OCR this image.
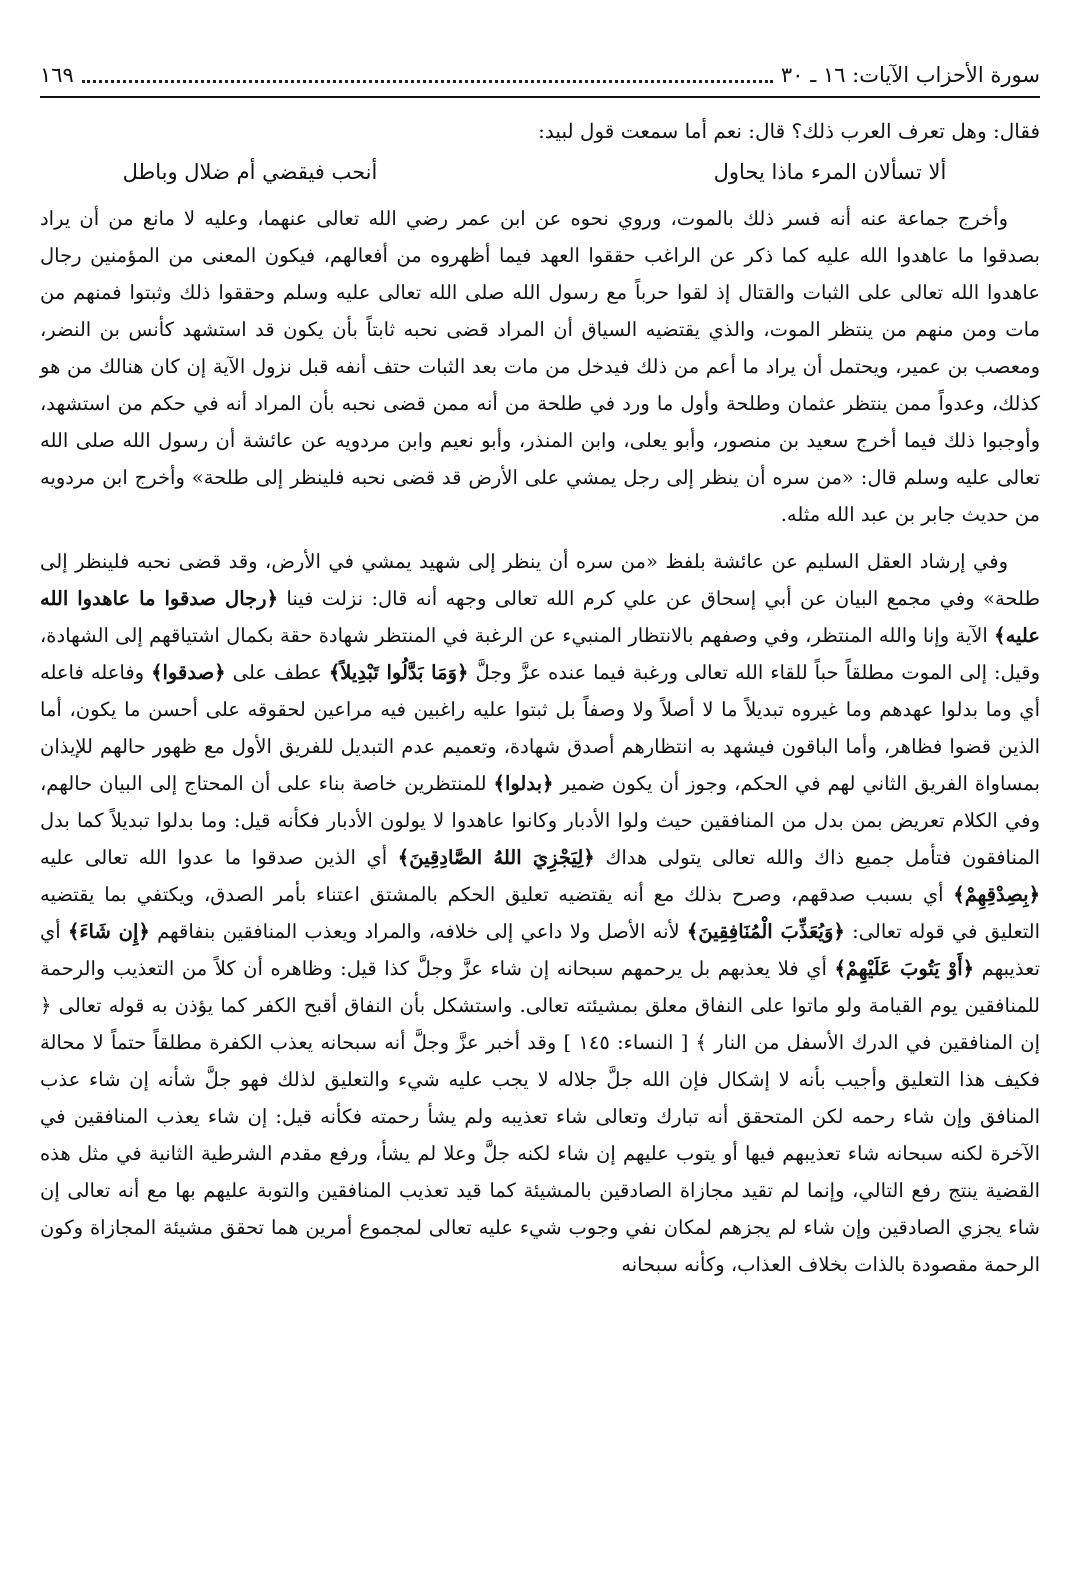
سورة الأحزاب الآيات: ١٦ ـ ٣٠
١٦٩

فقال: وهل تعرف العرب ذلك؟ قال: نعم أما سمعت قول لبيد:

ألا تسألان المرء ماذا يحاول
أنحب فيقضي أم ضلال وباطل

وأخرج جماعة عنه أنه فسر ذلك بالموت، وروي نحوه عن ابن عمر رضي الله تعالى عنهما، وعليه لا مانع من أن يراد بصدقوا ما عاهدوا الله عليه كما ذكر عن الراغب حققوا العهد فيما أظهروه من أفعالهم، فيكون المعنى من المؤمنين رجال عاهدوا الله تعالى على الثبات والقتال إذ لقوا حرباً مع رسول الله صلى الله تعالى عليه وسلم وحققوا ذلك وثبتوا فمنهم من مات ومن منهم من ينتظر الموت، والذي يقتضيه السياق أن المراد قضى نحبه ثابتاً بأن يكون قد استشهد كأنس بن النضر، ومعصب بن عمير، ويحتمل أن يراد ما أعم من ذلك فيدخل من مات بعد الثبات حتف أنفه قبل نزول الآية إن كان هنالك من هو كذلك، وعدواً ممن ينتظر عثمان وطلحة وأول ما ورد في طلحة من أنه ممن قضى نحبه بأن المراد أنه في حكم من استشهد، وأوجبوا ذلك فيما أخرج سعيد بن منصور، وأبو يعلى، وابن المنذر، وأبو نعيم وابن مردويه عن عائشة أن رسول الله صلى الله تعالى عليه وسلم قال: «من سره أن ينظر إلى رجل يمشي على الأرض قد قضى نحبه فلينظر إلى طلحة» وأخرج ابن مردويه من حديث جابر بن عبد الله مثله.

وفي إرشاد العقل السليم عن عائشة بلفظ «من سره أن ينظر إلى شهيد يمشي في الأرض، وقد قضى نحبه فلينظر إلى طلحة» وفي مجمع البيان عن أبي إسحاق عن علي كرم الله تعالى وجهه أنه قال: نزلت فينا ﴿رجال صدقوا ما عاهدوا الله عليه﴾ الآية وإنا والله المنتظر، وفي وصفهم بالانتظار المنبيء عن الرغبة في المنتظر شهادة حقة بكمال اشتياقهم إلى الشهادة، وقيل: إلى الموت مطلقاً حباً للقاء الله تعالى ورغبة فيما عنده عزَّ وجلَّ ﴿وَمَا بَدَّلُوا تَبْدِيلاً﴾ عطف على ﴿صدقوا﴾ وفاعله فاعله أي وما بدلوا عهدهم وما غيروه تبديلاً ما لا أصلاً ولا وصفاً بل ثبتوا عليه راغبين فيه مراعين لحقوقه على أحسن ما يكون، أما الذين قضوا فظاهر، وأما الباقون فيشهد به انتظارهم أصدق شهادة، وتعميم عدم التبديل للفريق الأول مع ظهور حالهم للإيذان بمساواة الفريق الثاني لهم في الحكم، وجوز أن يكون ضمير ﴿بدلوا﴾ للمنتظرين خاصة بناء على أن المحتاج إلى البيان حالهم، وفي الكلام تعريض بمن بدل من المنافقين حيث ولوا الأدبار وكانوا عاهدوا لا يولون الأدبار فكأنه قيل: وما بدلوا تبديلاً كما بدل المنافقون فتأمل جميع ذاك والله تعالى يتولى هداك ﴿لِيَجْزِيَ اللهُ الصَّادِقِينَ﴾ أي الذين صدقوا ما عدوا الله تعالى عليه ﴿بِصِدْقِهِمْ﴾ أي بسبب صدقهم، وصرح بذلك مع أنه يقتضيه تعليق الحكم بالمشتق اعتناء بأمر الصدق، ويكتفي بما يقتضيه التعليق في قوله تعالى: ﴿وَيُعَذِّبَ الْمُنَافِقِينَ﴾ لأنه الأصل ولا داعي إلى خلافه، والمراد ويعذب المنافقين بنفاقهم ﴿إِن شَاءَ﴾ أي تعذيبهم ﴿أَوْ يَتُوبَ عَلَيْهِمْ﴾ أي فلا يعذبهم بل يرحمهم سبحانه إن شاء عزَّ وجلَّ كذا قيل: وظاهره أن كلاً من التعذيب والرحمة للمنافقين يوم القيامة ولو ماتوا على النفاق معلق بمشيئته تعالى. واستشكل بأن النفاق أقبح الكفر كما يؤذن به قوله تعالى ﴿ إن المنافقين في الدرك الأسفل من النار ﴾ [ النساء: ١٤٥ ] وقد أخبر عزَّ وجلَّ أنه سبحانه يعذب الكفرة مطلقاً حتماً لا محالة فكيف هذا التعليق وأجيب بأنه لا إشكال فإن الله جلَّ جلاله لا يجب عليه شيء والتعليق لذلك فهو جلَّ شأنه إن شاء عذب المنافق وإن شاء رحمه لكن المتحقق أنه تبارك وتعالى شاء تعذيبه ولم يشأ رحمته فكأنه قيل: إن شاء يعذب المنافقين في الآخرة لكنه سبحانه شاء تعذيبهم فيها أو يتوب عليهم إن شاء لكنه جلَّ وعلا لم يشأ، ورفع مقدم الشرطية الثانية في مثل هذه القضية ينتج رفع التالي، وإنما لم تقيد مجازاة الصادقين بالمشيئة كما قيد تعذيب المنافقين والتوبة عليهم بها مع أنه تعالى إن شاء يجزي الصادقين وإن شاء لم يجزهم لمكان نفي وجوب شيء عليه تعالى لمجموع أمرين هما تحقق مشيئة المجازاة وكون الرحمة مقصودة بالذات بخلاف العذاب، وكأنه سبحانه
